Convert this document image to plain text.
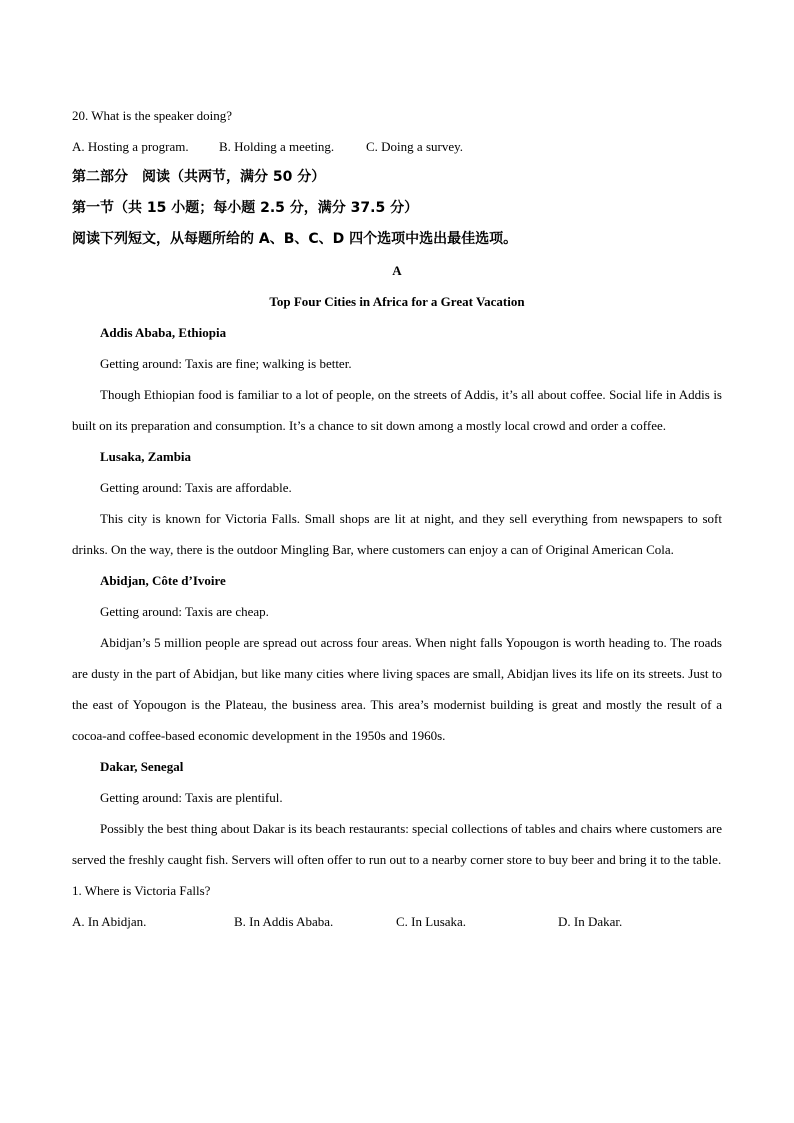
20. What is the speaker doing?

A. Hosting a program.	B. Holding a meeting.	C. Doing a survey.

第二部分　阅读（共两节，满分 50 分）

第一节（共 15 小题；每小题 2.5 分，满分 37.5 分）

阅读下列短文，从每题所给的 A、B、C、D 四个选项中选出最佳选项。

A

Top Four Cities in Africa for a Great Vacation

Addis Ababa, Ethiopia

Getting around: Taxis are fine; walking is better.

Though Ethiopian food is familiar to a lot of people, on the streets of Addis, it’s all about coffee. Social life in Addis is built on its preparation and consumption. It’s a chance to sit down among a mostly local crowd and order a coffee.

Lusaka, Zambia

Getting around: Taxis are affordable.

This city is known for Victoria Falls. Small shops are lit at night, and they sell everything from newspapers to soft drinks. On the way, there is the outdoor Mingling Bar, where customers can enjoy a can of Original American Cola.

Abidjan, Côte d’Ivoire

Getting around: Taxis are cheap.

Abidjan’s 5 million people are spread out across four areas. When night falls Yopougon is worth heading to. The roads are dusty in the part of Abidjan, but like many cities where living spaces are small, Abidjan lives its life on its streets. Just to the east of Yopougon is the Plateau, the business area. This area’s modernist building is great and mostly the result of a cocoa-and coffee-based economic development in the 1950s and 1960s.

Dakar, Senegal

Getting around: Taxis are plentiful.

Possibly the best thing about Dakar is its beach restaurants: special collections of tables and chairs where customers are served the freshly caught fish. Servers will often offer to run out to a nearby corner store to buy beer and bring it to the table.

1. Where is Victoria Falls?

A. In Abidjan.	B. In Addis Ababa.	C. In Lusaka.	D. In Dakar.
